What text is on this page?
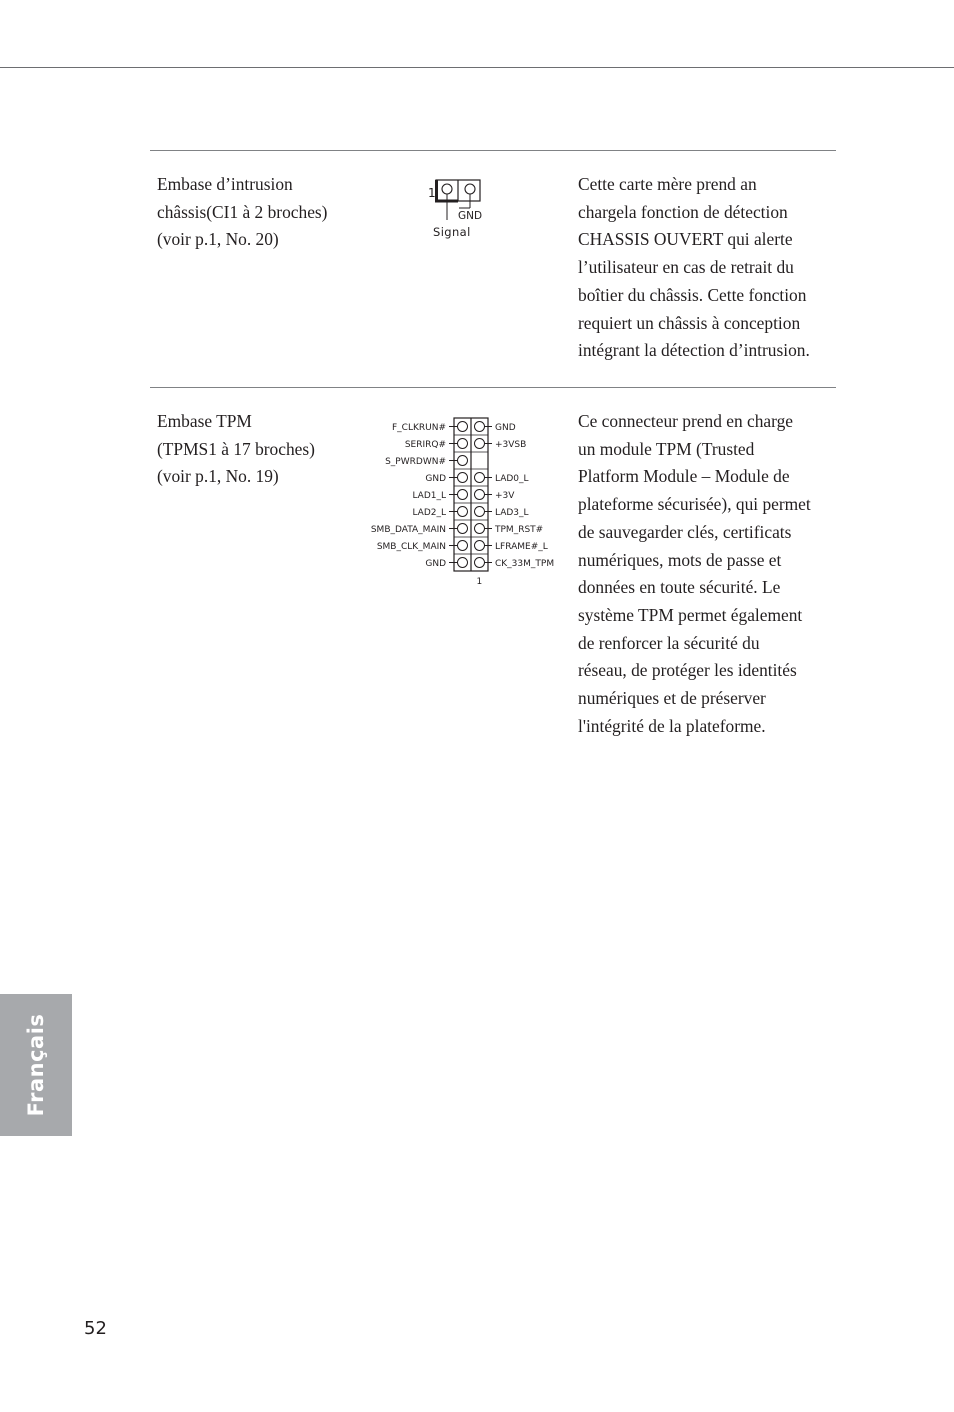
Embase d’intrusion
châssis(CI1 à 2 broches)
(voir p.1, No. 20)
1
GND
Signal
Cette carte mère prend an
chargela fonction de détection
CHASSIS OUVERT qui alerte
l’utilisateur en cas de retrait du
boîtier du châssis. Cette fonction
requiert un châssis à conception
intégrant la détection d’intrusion.
Embase TPM
(TPMS1 à 17 broches)
(voir p.1, No. 19)
F_CLKRUN#	GND
SERIRQ#	+3VSB
S_PWRDWN#
GND	LAD0_L
LAD1_L	+3V
LAD2_L	LAD3_L
SMB_DATA_MAIN	TPM_RST#
SMB_CLK_MAIN	LFRAME#_L
GND	CK_33M_TPM
1
Ce connecteur prend en charge
un module TPM (Trusted
Platform Module – Module de
plateforme sécurisée), qui permet
de sauvegarder clés, certificats
numériques, mots de passe et
données en toute sécurité. Le
système TPM permet également
de renforcer la sécurité du
réseau, de protéger les identités
numériques et de préserver
l'intégrité de la plateforme.
Français
52
